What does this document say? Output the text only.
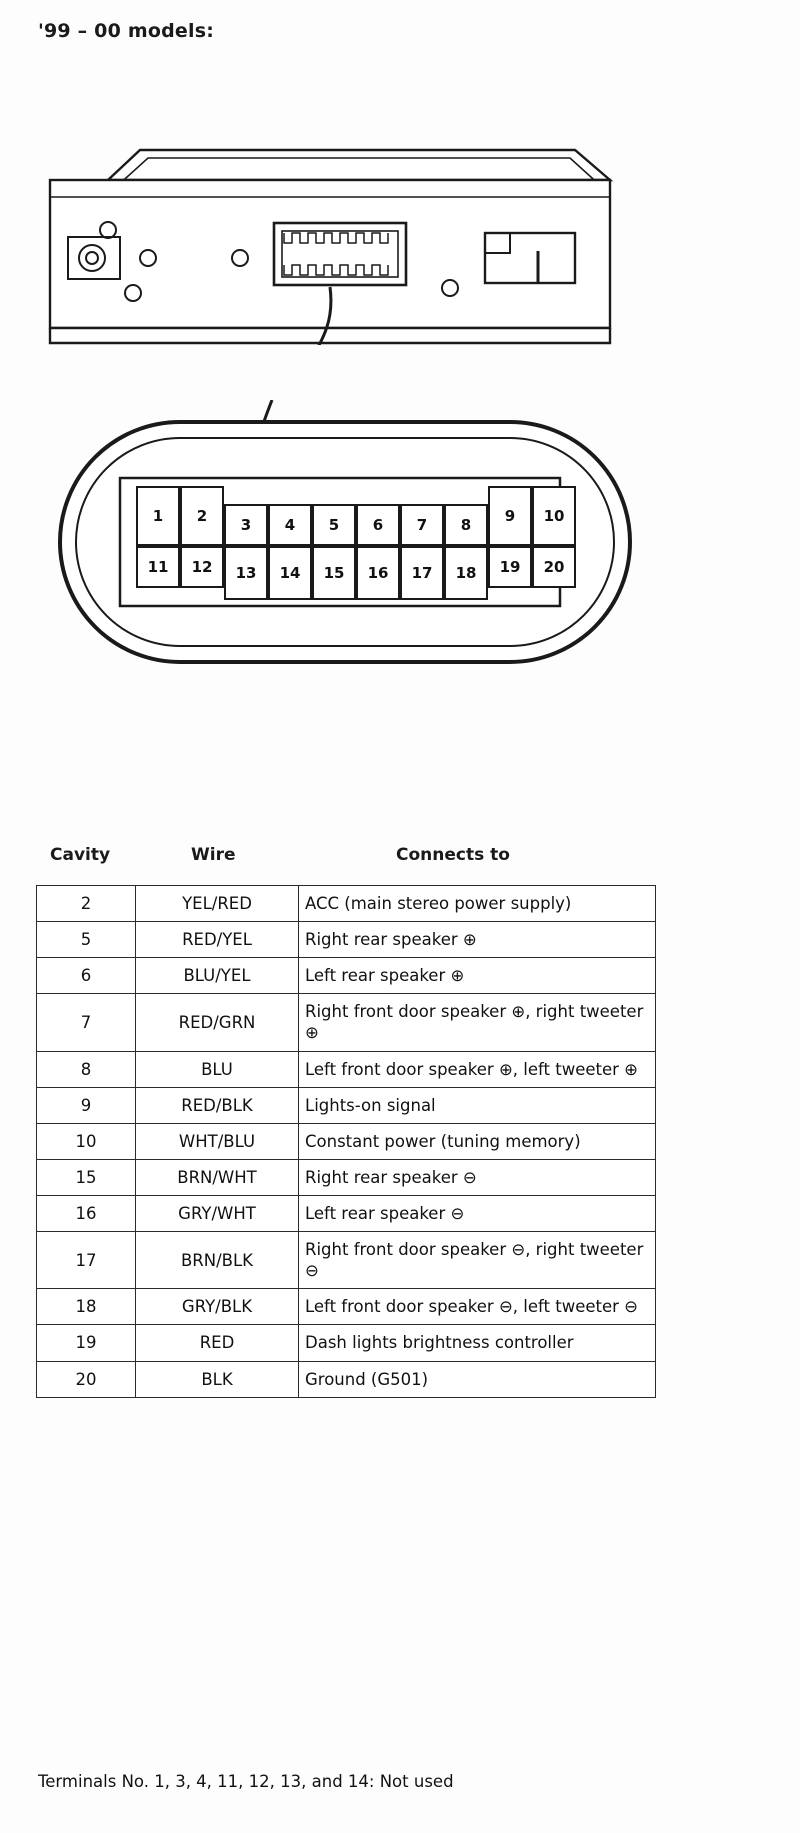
'99 – 00 models:
1	2	3	4	5	6	7	8	9	10
11	12	13	14	15	16	17	18	19	20
Cavity	Wire	Connects to
2	YEL/RED	ACC (main stereo power supply)
5	RED/YEL	Right rear speaker ⊕
6	BLU/YEL	Left rear speaker ⊕
7	RED/GRN	Right front door speaker ⊕, right tweeter ⊕
8	BLU	Left front door speaker ⊕, left tweeter ⊕
9	RED/BLK	Lights-on signal
10	WHT/BLU	Constant power (tuning memory)
15	BRN/WHT	Right rear speaker ⊖
16	GRY/WHT	Left rear speaker ⊖
17	BRN/BLK	Right front door speaker ⊖, right tweeter ⊖
18	GRY/BLK	Left front door speaker ⊖, left tweeter ⊖
19	RED	Dash lights brightness controller
20	BLK	Ground (G501)
Terminals No. 1, 3, 4, 11, 12, 13, and 14: Not used
